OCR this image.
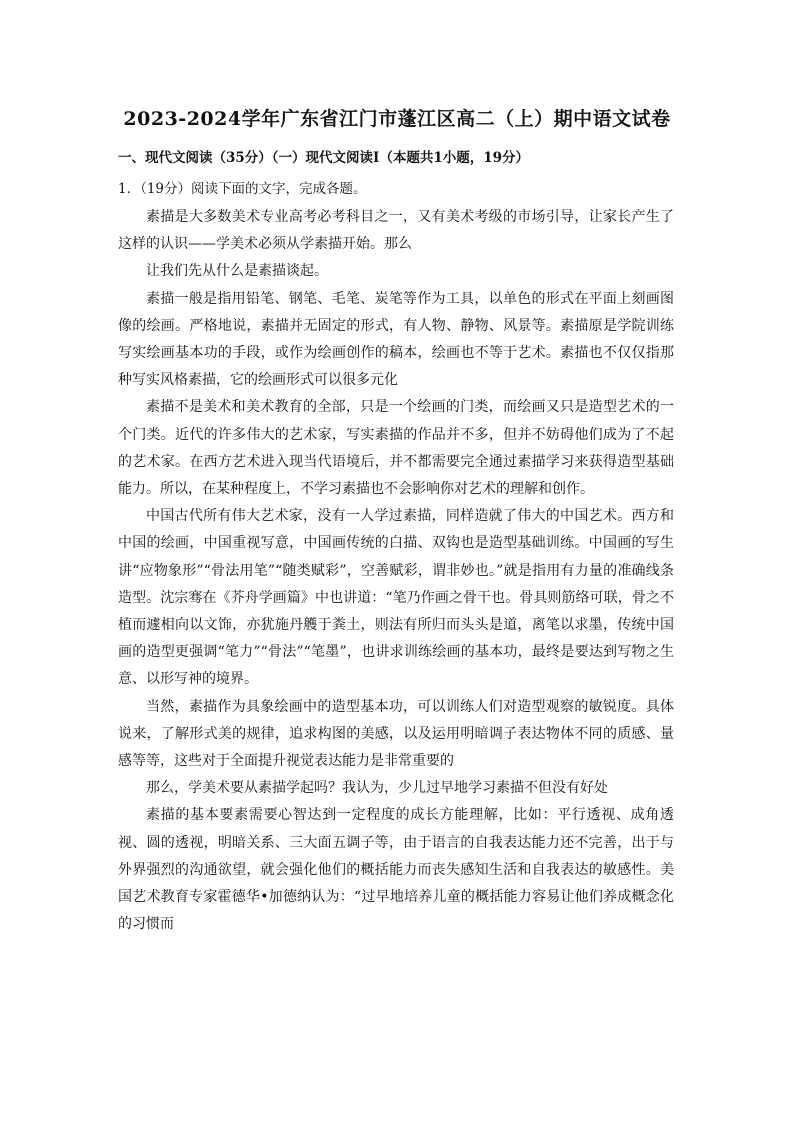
2023-2024学年广东省江门市蓬江区高二（上）期中语文试卷
一、现代文阅读（35分）（一）现代文阅读Ⅰ（本题共1小题，19分）
1．（19分）阅读下面的文字，完成各题。

素描是大多数美术专业高考必考科目之一，又有美术考级的市场引导，让家长产生了这样的认识——学美术必须从学素描开始。那么

让我们先从什么是素描谈起。

素描一般是指用铅笔、钢笔、毛笔、炭笔等作为工具，以单色的形式在平面上刻画图像的绘画。严格地说，素描并无固定的形式，有人物、静物、风景等。素描原是学院训练写实绘画基本功的手段，或作为绘画创作的稿本，绘画也不等于艺术。素描也不仅仅指那种写实风格素描，它的绘画形式可以很多元化

素描不是美术和美术教育的全部，只是一个绘画的门类，而绘画又只是造型艺术的一个门类。近代的许多伟大的艺术家，写实素描的作品并不多，但并不妨碍他们成为了不起的艺术家。在西方艺术进入现当代语境后，并不都需要完全通过素描学习来获得造型基础能力。所以，在某种程度上，不学习素描也不会影响你对艺术的理解和创作。

中国古代所有伟大艺术家，没有一人学过素描，同样造就了伟大的中国艺术。西方和中国的绘画，中国重视写意，中国画传统的白描、双钩也是造型基础训练。中国画的写生讲“应物象形”“骨法用笔”“随类赋彩”，空善赋彩，谓非妙也。”就是指用有力量的准确线条造型。沈宗骞在《芥舟学画篇》中也讲道：“笔乃作画之骨干也。骨具则筋络可联，骨之不植而遽相向以文饰，亦犹施丹艧于粪土，则法有所归而头头是道，离笔以求墨，传统中国画的造型更强调“笔力”“骨法”“笔墨”，也讲求训练绘画的基本功，最终是要达到写物之生意、以形写神的境界。

当然，素描作为具象绘画中的造型基本功，可以训练人们对造型观察的敏锐度。具体说来，了解形式美的规律，追求构图的美感，以及运用明暗调子表达物体不同的质感、量感等等，这些对于全面提升视觉表达能力是非常重要的

那么，学美术要从素描学起吗？我认为，少儿过早地学习素描不但没有好处

素描的基本要素需要心智达到一定程度的成长方能理解，比如：平行透视、成角透视、圆的透视，明暗关系、三大面五调子等，由于语言的自我表达能力还不完善，出于与外界强烈的沟通欲望，就会强化他们的概括能力而丧失感知生活和自我表达的敏感性。美国艺术教育专家霍德华•加德纳认为：“过早地培养儿童的概括能力容易让他们养成概念化的习惯而
